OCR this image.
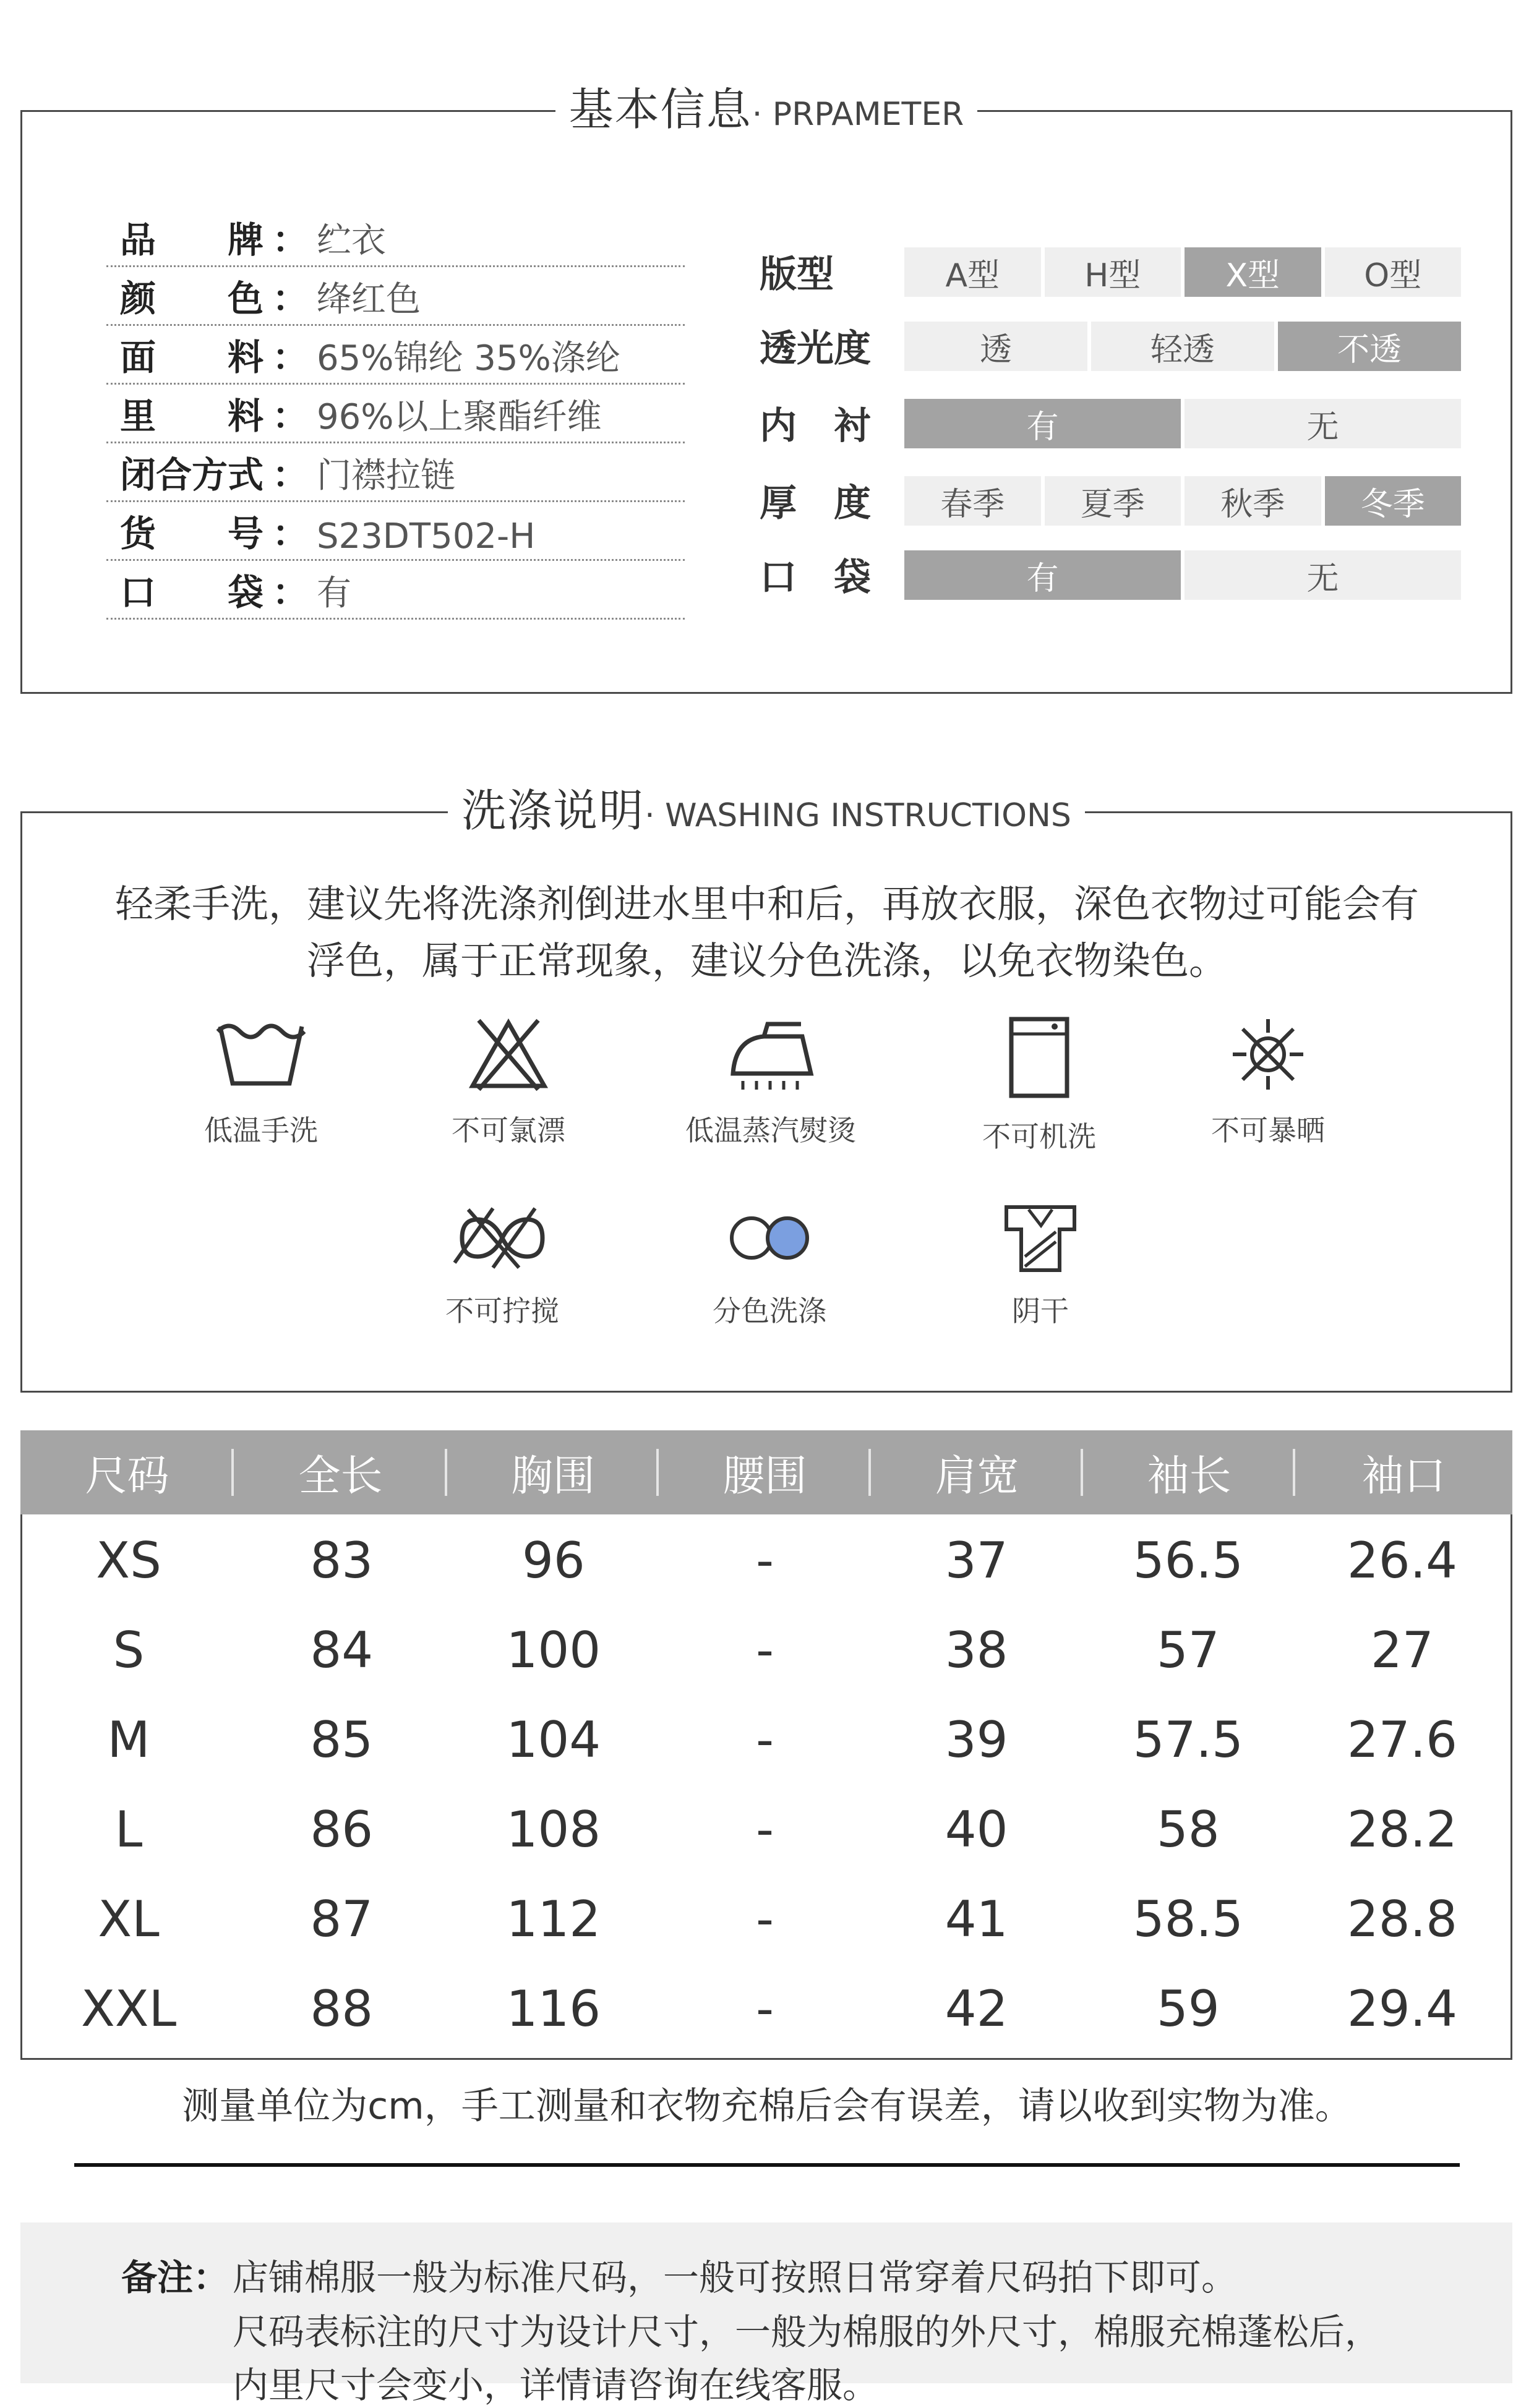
基本信息· PRPAMETER
品　　牌 ： 纻衣
颜　　色 ： 绛红色
面　　料 ： 65%锦纶 35%涤纶
里　　料 ： 96%以上聚酯纤维
闭合方式 ： 门襟拉链
货　　号 ： S23DT502-H
口　　袋 ： 有
版型	A型	H型	X型	O型
透光度	透	轻透	不透
内　衬	有	无
厚　度	春季	夏季	秋季	冬季
口　袋	有	无
洗涤说明· WASHING INSTRUCTIONS
轻柔手洗，建议先将洗涤剂倒进水里中和后，再放衣服，深色衣物过可能会有
浮色，属于正常现象，建议分色洗涤，以免衣物染色。
低温手洗	不可氯漂	低温蒸汽熨烫	不可机洗	不可暴晒
不可拧搅	分色洗涤	阴干
尺码	全长	胸围	腰围	肩宽	袖长	袖口
XS	83	96	-	37	56.5	26.4
S	84	100	-	38	57	27
M	85	104	-	39	57.5	27.6
L	86	108	-	40	58	28.2
XL	87	112	-	41	58.5	28.8
XXL	88	116	-	42	59	29.4
测量单位为cm，手工测量和衣物充棉后会有误差，请以收到实物为准。
备注： 店铺棉服一般为标准尺码，一般可按照日常穿着尺码拍下即可。
尺码表标注的尺寸为设计尺寸，一般为棉服的外尺寸，棉服充棉蓬松后，
内里尺寸会变小，详情请咨询在线客服。
